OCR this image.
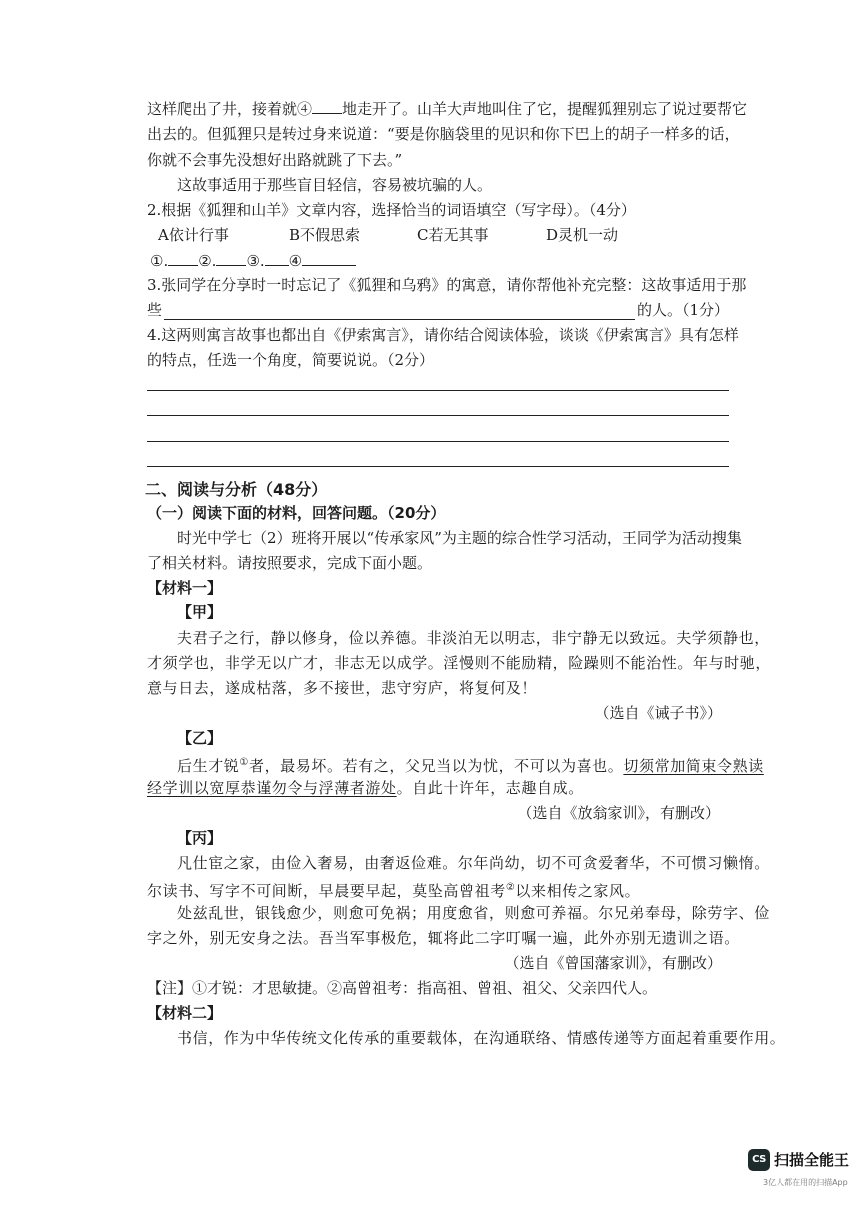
这样爬出了井，接着就④ 地走开了。山羊大声地叫住了它，提醒狐狸别忘了说过要帮它
出去的。但狐狸只是转过身来说道：“要是你脑袋里的见识和你下巴上的胡子一样多的话，
你就不会事先没想好出路就跳了下去。”
这故事适用于那些盲目轻信，容易被坑骗的人。
2.根据《狐狸和山羊》文章内容，选择恰当的词语填空（写字母）。（4分）
A依计行事	B不假思索	C若无其事	D灵机一动
①. ②. ③. ④
3.张同学在分享时一时忘记了《狐狸和乌鸦》的寓意，请你帮他补充完整：这故事适用于那
些	的人。（1分）
4.这两则寓言故事也都出自《伊索寓言》，请你结合阅读体验，谈谈《伊索寓言》具有怎样
的特点，任选一个角度，简要说说。（2分）
二、阅读与分析（48分）
（一）阅读下面的材料，回答问题。（20分）
时光中学七（2）班将开展以“传承家风”为主题的综合性学习活动，王同学为活动搜集
了相关材料。请按照要求，完成下面小题。
【材料一】
【甲】
夫君子之行，静以修身，俭以养德。非淡泊无以明志，非宁静无以致远。夫学须静也，
才须学也，非学无以广才，非志无以成学。淫慢则不能励精，险躁则不能治性。年与时驰，
意与日去，遂成枯落，多不接世，悲守穷庐，将复何及！
（选自《诫子书》）
【乙】
后生才锐①者，最易坏。若有之，父兄当以为忧，不可以为喜也。切须常加简束令熟读
经学训以宽厚恭谨勿令与浮薄者游处。自此十许年，志趣自成。
（选自《放翁家训》，有删改）
【丙】
凡仕宦之家，由俭入奢易，由奢返俭难。尔年尚幼，切不可贪爱奢华，不可惯习懒惰。
尔读书、写字不可间断，早晨要早起，莫坠高曾祖考②以来相传之家风。
处兹乱世，银钱愈少，则愈可免祸；用度愈省，则愈可养福。尔兄弟奉母，除劳字、俭
字之外，别无安身之法。吾当军事极危，辄将此二字叮嘱一遍，此外亦别无遗训之语。
（选自《曾国藩家训》，有删改）
【注】①才锐：才思敏捷。②高曾祖考：指高祖、曾祖、祖父、父亲四代人。
【材料二】
书信，作为中华传统文化传承的重要载体，在沟通联络、情感传递等方面起着重要作用。
CS 扫描全能王
3亿人都在用的扫描App
